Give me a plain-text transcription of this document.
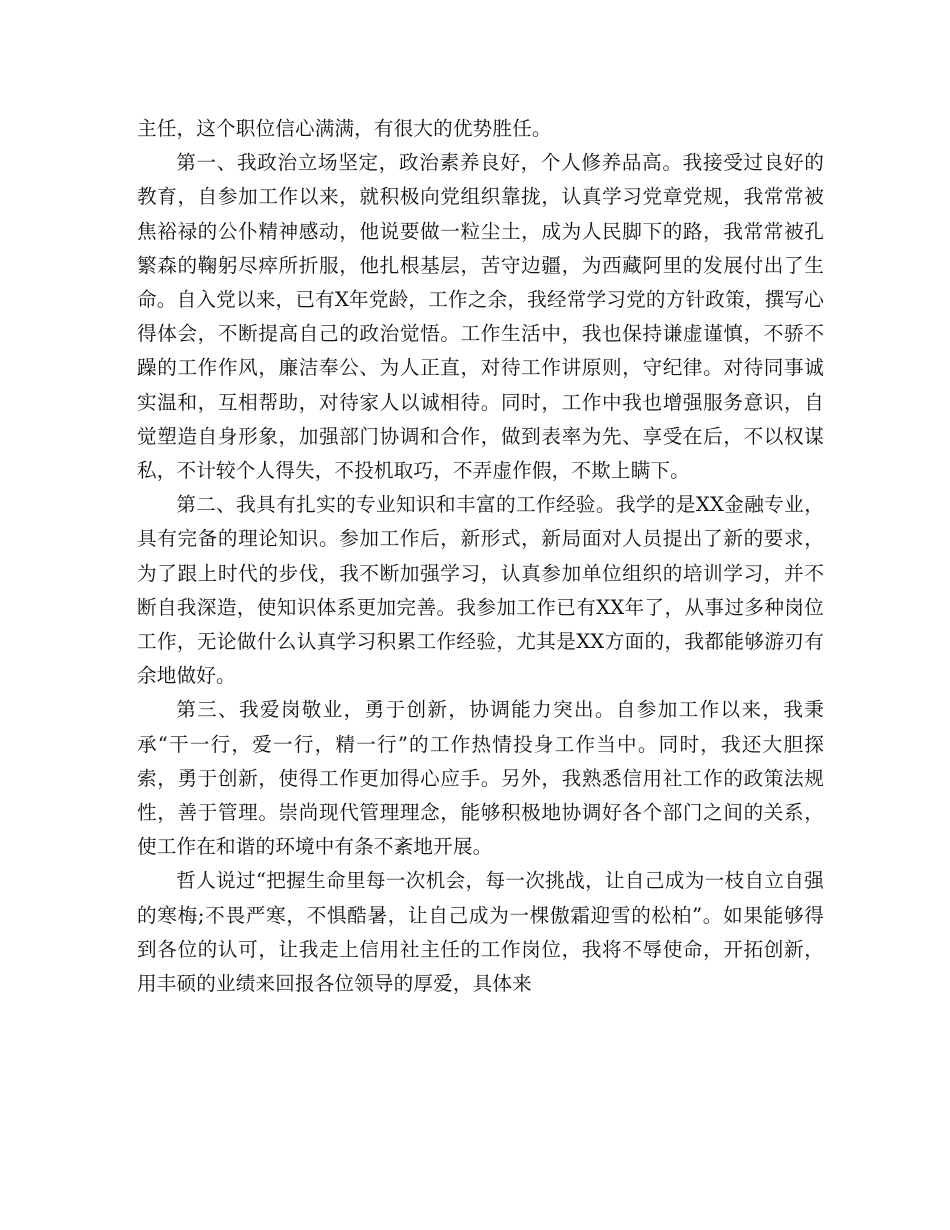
主任，这个职位信心满满，有很大的优势胜任。

第一、我政治立场坚定，政治素养良好，个人修养品高。我接受过良好的教育，自参加工作以来，就积极向党组织靠拢，认真学习党章党规，我常常被焦裕禄的公仆精神感动，他说要做一粒尘土，成为人民脚下的路，我常常被孔繁森的鞠躬尽瘁所折服，他扎根基层，苦守边疆，为西藏阿里的发展付出了生命。自入党以来，已有X年党龄，工作之余，我经常学习党的方针政策，撰写心得体会，不断提高自己的政治觉悟。工作生活中，我也保持谦虚谨慎，不骄不躁的工作作风，廉洁奉公、为人正直，对待工作讲原则，守纪律。对待同事诚实温和，互相帮助，对待家人以诚相待。同时，工作中我也增强服务意识，自觉塑造自身形象，加强部门协调和合作，做到表率为先、享受在后，不以权谋私，不计较个人得失，不投机取巧，不弄虚作假，不欺上瞒下。

第二、我具有扎实的专业知识和丰富的工作经验。我学的是XX金融专业，具有完备的理论知识。参加工作后，新形式，新局面对人员提出了新的要求，为了跟上时代的步伐，我不断加强学习，认真参加单位组织的培训学习，并不断自我深造，使知识体系更加完善。我参加工作已有XX年了，从事过多种岗位工作，无论做什么认真学习积累工作经验，尤其是XX方面的，我都能够游刃有余地做好。

第三、我爱岗敬业，勇于创新，协调能力突出。自参加工作以来，我秉承“干一行，爱一行，精一行”的工作热情投身工作当中。同时，我还大胆探索，勇于创新，使得工作更加得心应手。另外，我熟悉信用社工作的政策法规性，善于管理。崇尚现代管理理念，能够积极地协调好各个部门之间的关系，使工作在和谐的环境中有条不紊地开展。

哲人说过“把握生命里每一次机会，每一次挑战，让自己成为一枝自立自强的寒梅;不畏严寒，不惧酷暑，让自己成为一棵傲霜迎雪的松柏”。如果能够得到各位的认可，让我走上信用社主任的工作岗位，我将不辱使命，开拓创新，用丰硕的业绩来回报各位领导的厚爱，具体来
